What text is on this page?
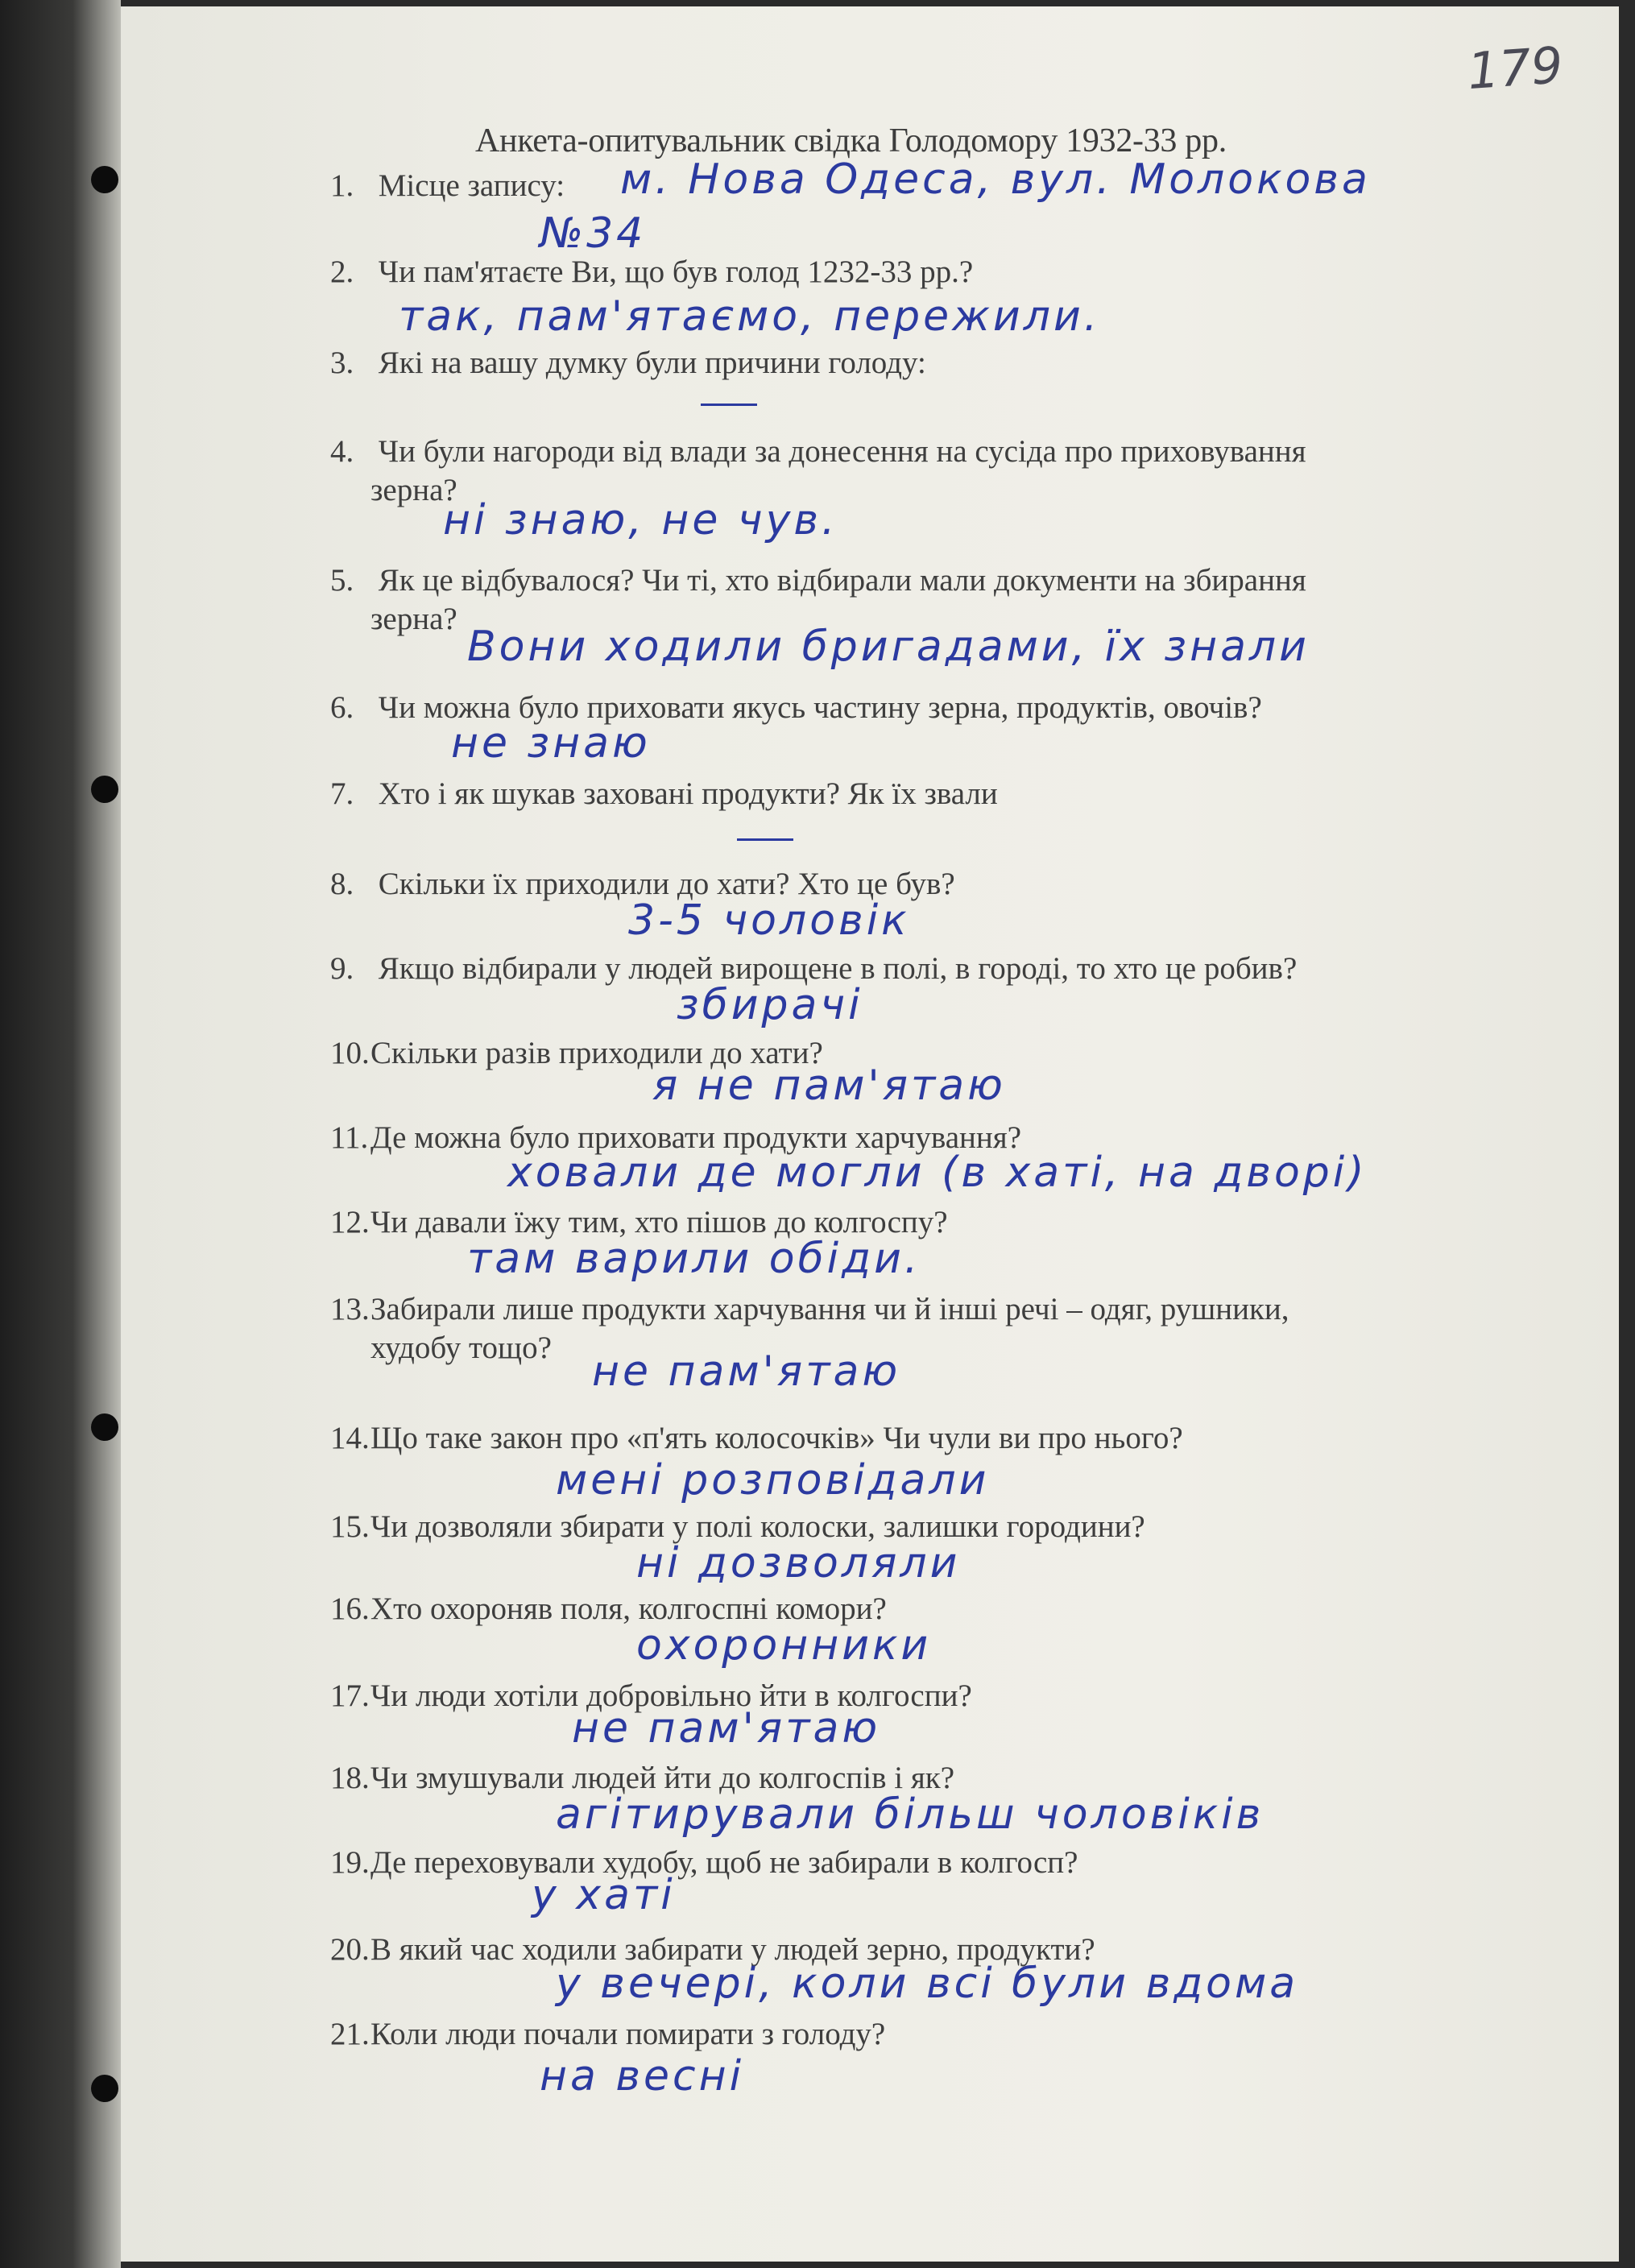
179
Анкета-опитувальник свідка Голодомору 1932-33 рр.
1. Місце запису: м. Нова Одеса, вул. Молокова
№34
2. Чи пам'ятаєте Ви, що був голод 1232-33 рр.?
так, пам'ятаємо, пережили.
3. Які на вашу думку були причини голоду:
4. Чи були нагороди від влади за донесення на сусіда про приховування
зерна?
ні знаю, не чув.
5. Як це відбувалося? Чи ті, хто відбирали мали документи на збирання
зерна?
Вони ходили бригадами, їх знали
6. Чи можна було приховати якусь частину зерна, продуктів, овочів?
не знаю
7. Хто і як шукав заховані продукти? Як їх звали
8. Скільки їх приходили до хати? Хто це був?
3-5 чоловік
9. Якщо відбирали у людей вирощене в полі, в городі, то хто це робив?
збирачі
10.Скільки разів приходили до хати?
я не пам'ятаю
11.Де можна було приховати продукти харчування?
ховали де могли (в хаті, на дворі)
12.Чи давали їжу тим, хто пішов до колгоспу?
там варили обіди.
13.Забирали лише продукти харчування чи й інші речі – одяг, рушники,
худобу тощо? не пам'ятаю
14.Що таке закон про «п'ять колосочків» Чи чули ви про нього?
мені розповідали
15.Чи дозволяли збирати у полі колоски, залишки городини?
ні дозволяли
16.Хто охороняв поля, колгоспні комори?
охоронники
17.Чи люди хотіли добровільно йти в колгоспи?
не пам'ятаю
18.Чи змушували людей йти до колгоспів і як?
агітирували більш чоловіків
19.Де переховували худобу, щоб не забирали в колгосп?
у хаті
20.В який час ходили забирати у людей зерно, продукти?
у вечері, коли всі були вдома
21.Коли люди почали помирати з голоду?
на весні
